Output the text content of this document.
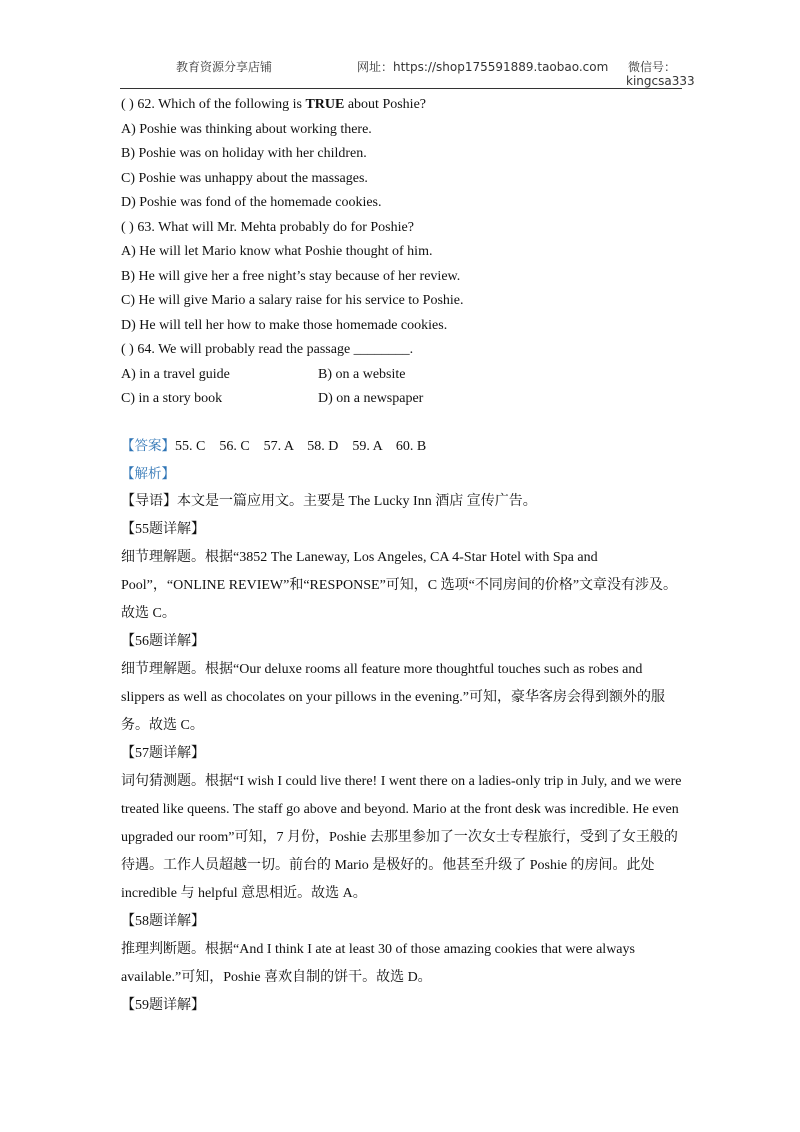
教育资源分享店铺	网址：https://shop175591889.taobao.com 微信号：
kingcsa333
( ) 62. Which of the following is TRUE about Poshie?
A) Poshie was thinking about working there.
B) Poshie was on holiday with her children.
C) Poshie was unhappy about the massages.
D) Poshie was fond of the homemade cookies.
( ) 63. What will Mr. Mehta probably do for Poshie?
A) He will let Mario know what Poshie thought of him.
B) He will give her a free night’s stay because of her review.
C) He will give Mario a salary raise for his service to Poshie.
D) He will tell her how to make those homemade cookies.
( ) 64. We will probably read the passage ________.
A) in a travel guide	B) on a website
C) in a story book	D) on a newspaper
【答案】55. C    56. C    57. A    58. D    59. A    60. B
【解析】
【导语】本文是一篇应用文。主要是 The Lucky Inn 酒店 宣传广告。
【55题详解】
细节理解题。根据“3852 The Laneway, Los Angeles, CA 4-Star Hotel with Spa and Pool”，“ONLINE REVIEW”和“RESPONSE”可知，C 选项“不同房间的价格”文章没有涉及。故选 C。
【56题详解】
细节理解题。根据“Our deluxe rooms all feature more thoughtful touches such as robes and slippers as well as chocolates on your pillows in the evening.”可知，豪华客房会得到额外的服务。故选 C。
【57题详解】
词句猜测题。根据“I wish I could live there! I went there on a ladies-only trip in July, and we were treated like queens. The staff go above and beyond. Mario at the front desk was incredible. He even upgraded our room”可知，7 月份，Poshie 去那里参加了一次女士专程旅行，受到了女王般的待遇。工作人员超越一切。前台的 Mario 是极好的。他甚至升级了 Poshie 的房间。此处 incredible 与 helpful 意思相近。故选 A。
【58题详解】
推理判断题。根据“And I think I ate at least 30 of those amazing cookies that were always available.”可知，Poshie 喜欢自制的饼干。故选 D。
【59题详解】
